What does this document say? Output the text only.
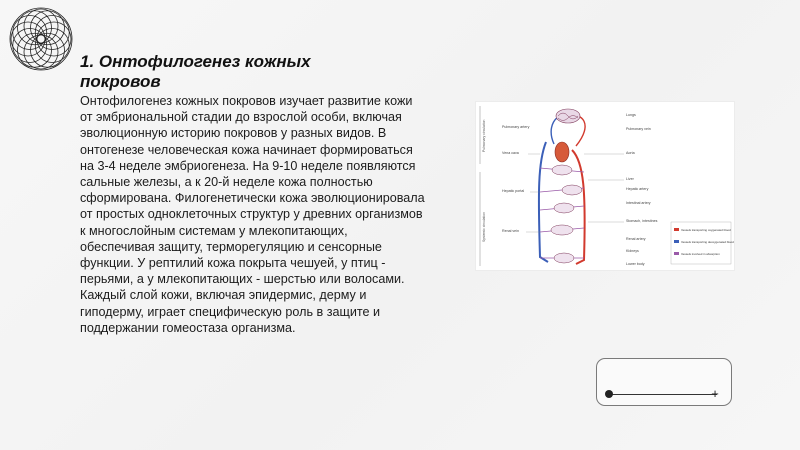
1. Онтофилогенез кожных покровов

Онтофилогенез кожных покровов изучает развитие кожи от эмбриональной стадии до взрослой особи, включая эволюционную историю покровов у разных видов. В онтогенезе человеческая кожа начинает формироваться на 3-4 неделе эмбриогенеза. На 9-10 неделе появляются сальные железы, а к 20-й неделе кожа полностью сформирована. Филогенетически кожа эволюционировала от простых одноклеточных структур у древних организмов к многослойным системам у млекопитающих, обеспечивая защиту, терморегуляцию и сенсорные функции. У рептилий кожа покрыта чешуей, у птиц - перьями, а у млекопитающих - шерстью или волосами. Каждый слой кожи, включая эпидермис, дерму и гиподерму, играет специфическую роль в защите и поддержании гомеостаза организма.

Pulmonary circulation
Systemic circulation
Pulmonary artery
Vena cava
Hepatic portal
Renal vein
Lungs
Pulmonary vein
Aorta
Liver
Hepatic artery
Intestinal artery
Stomach, intestines
Renal artery
Kidneys
Lower body
Vessels transporting oxygenated blood
Vessels transporting deoxygenated blood
Vessels involved in absorption
+
